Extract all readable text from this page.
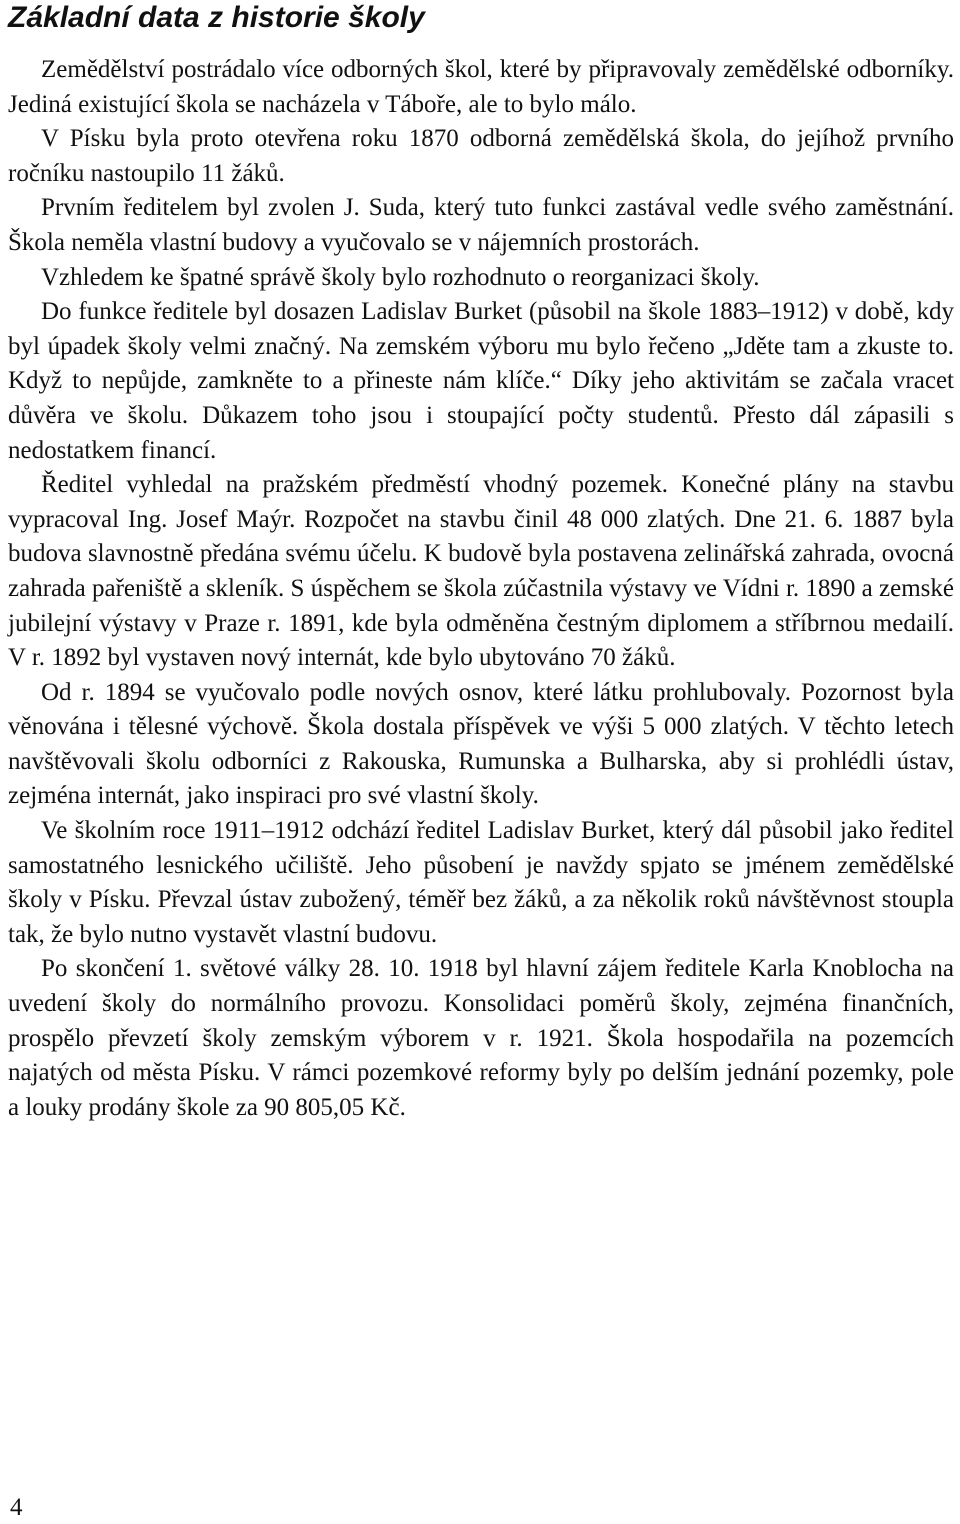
Základní data z historie školy

Zemědělství postrádalo více odborných škol, které by připravovaly zemědělské odborníky. Jediná existující škola se nacházela v Táboře, ale to bylo málo.

V Písku byla proto otevřena roku 1870 odborná zemědělská škola, do jejíhož prvního ročníku nastoupilo 11 žáků.

Prvním ředitelem byl zvolen J. Suda, který tuto funkci zastával vedle svého zaměstnání. Škola neměla vlastní budovy a vyučovalo se v nájemních prostorách.

Vzhledem ke špatné správě školy bylo rozhodnuto o reorganizaci školy.

Do funkce ředitele byl dosazen Ladislav Burket (působil na škole 1883–1912) v době, kdy byl úpadek školy velmi značný. Na zemském výboru mu bylo řečeno „Jděte tam a zkuste to. Když to nepůjde, zamkněte to a přineste nám klíče.“ Díky jeho aktivitám se začala vracet důvěra ve školu. Důkazem toho jsou i stoupající počty studentů. Přesto dál zápasili s nedostatkem financí.

Ředitel vyhledal na pražském předměstí vhodný pozemek. Konečné plány na stavbu vypracoval Ing. Josef Maýr. Rozpočet na stavbu činil 48 000 zlatých. Dne 21. 6. 1887 byla budova slavnostně předána svému účelu. K budově byla postavena zelinářská zahrada, ovocná zahrada pařeniště a skleník. S úspěchem se škola zúčastnila výstavy ve Vídni r. 1890 a zemské jubilejní výstavy v Praze r. 1891, kde byla odměněna čestným diplomem a stříbrnou medailí. V r. 1892 byl vystaven nový internát, kde bylo ubytováno 70 žáků.

Od r. 1894 se vyučovalo podle nových osnov, které látku prohlubovaly. Pozornost byla věnována i tělesné výchově. Škola dostala příspěvek ve výši 5 000 zlatých. V těchto letech navštěvovali školu odborníci z Rakouska, Rumunska a Bulharska, aby si prohlédli ústav, zejména internát, jako inspiraci pro své vlastní školy.

Ve školním roce 1911–1912 odchází ředitel Ladislav Burket, který dál působil jako ředitel samostatného lesnického učiliště. Jeho působení je navždy spjato se jménem zemědělské školy v Písku. Převzal ústav zubožený, téměř bez žáků, a za několik roků návštěvnost stoupla tak, že bylo nutno vystavět vlastní budovu.

Po skončení 1. světové války 28. 10. 1918 byl hlavní zájem ředitele Karla Knoblocha na uvedení školy do normálního provozu. Konsolidaci poměrů školy, zejména finančních, prospělo převzetí školy zemským výborem v r. 1921. Škola hospodařila na pozemcích najatých od města Písku. V rámci pozemkové reformy byly po delším jednání pozemky, pole a louky prodány škole za 90 805,05 Kč.

4
